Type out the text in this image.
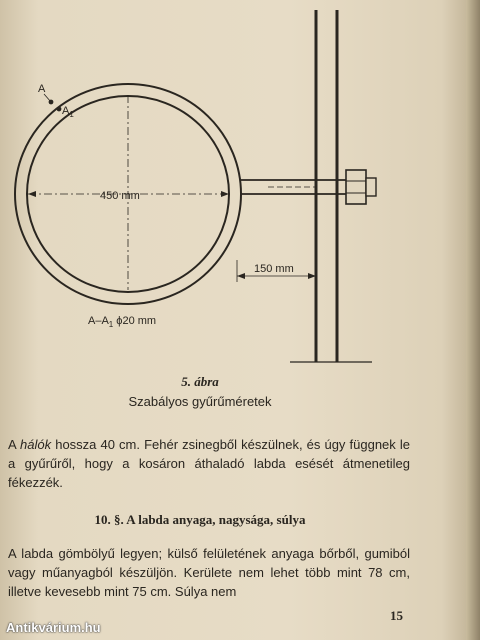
A
$A_1$
450 mm
150 mm
$A-A_1$ ϕ20 mm
5. ábra
Szabályos gyűrűméretek
A hálók hossza 40 cm. Fehér zsinegből készülnek, és úgy függnek le a gyűrűről, hogy a kosáron áthaladó labda esését átmenetileg fékezzék.
10. §. A labda anyaga, nagysága, súlya
A labda gömbölyű legyen; külső felületének anyaga bőrből, gumiból vagy műanyagból készüljön. Kerülete nem lehet több mint 78 cm, illetve kevesebb mint 75 cm. Súlya nem
15
Antikvárium.hu
